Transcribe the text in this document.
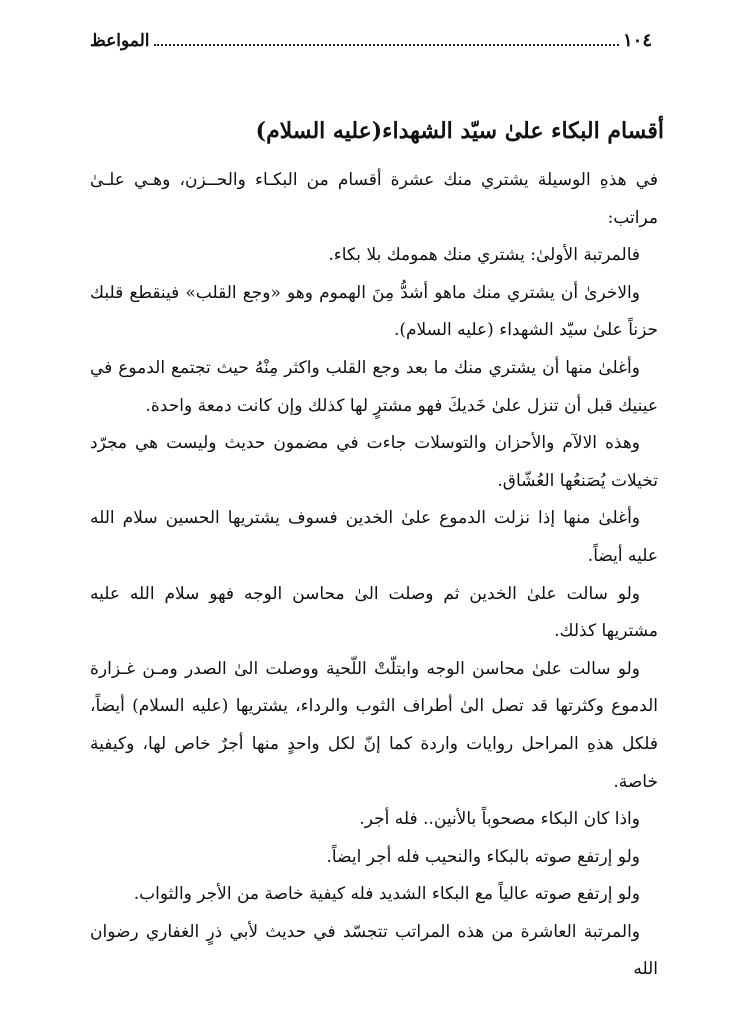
١٠٤
المواعظ
أقسام البكاء علىٰ سيّد الشهداء(عليه السلام)

في هذهِ الوسيلة يشتري منك عشرة أقسام من البكـاء والحــزن، وهـي علـىٰ مراتب:

فالمرتبة الأولىٰ: يشتري منك همومك بلا بكاء.

والاخرىٰ أن يشتري منك ماهو أشدُّ مِنَ الهموم وهو «وجع القلب» فينقطع قلبك حزناً علىٰ سيّد الشهداء (عليه السلام).

وأغلىٰ منها أن يشتري منك ما بعد وجع القلب واكثر مِنْهُ حيث تجتمع الدموع في عينيك قبل أن تنزل علىٰ خَديكَ فهو مشترٍ لها كذلك وإن كانت دمعة واحدة.

وهذه الالآم والأحزان والتوسلات جاءت في مضمون حديث وليست هي مجرّد تخيلات يُصَنعُها العُشّاق.

وأغلىٰ منها إذا نزلت الدموع علىٰ الخدين فسوف يشتريها الحسين سلام الله عليه أيضاً.

ولو سالت علىٰ الخدين ثم وصلت الىٰ محاسن الوجه فهو سلام الله عليه مشتريها كذلك.

ولو سالت علىٰ محاسن الوجه وابتلّتْ اللّحية ووصلت الىٰ الصدر ومـن غـزارة الدموع وكثرتها قد تصل الىٰ أطراف الثوب والرداء، يشتريها (عليه السلام) أيضاً، فلكل هذهِ المراحل روايات واردة كما إنّ لكل واحدٍ منها أجرٌ خاص لها، وكيفية خاصة.

واذا كان البكاء مصحوباً بالأنين.. فله أجر.

ولو إرتفع صوته بالبكاء والنحيب فله أجر ايضاً.

ولو إرتفع صوته عالياً مع البكاء الشديد فله كيفية خاصة من الأجر والثواب.

والمرتبة العاشرة من هذه المراتب تتجسّد في حديث لأبي ذرٍ الغفاري رضوان الله
